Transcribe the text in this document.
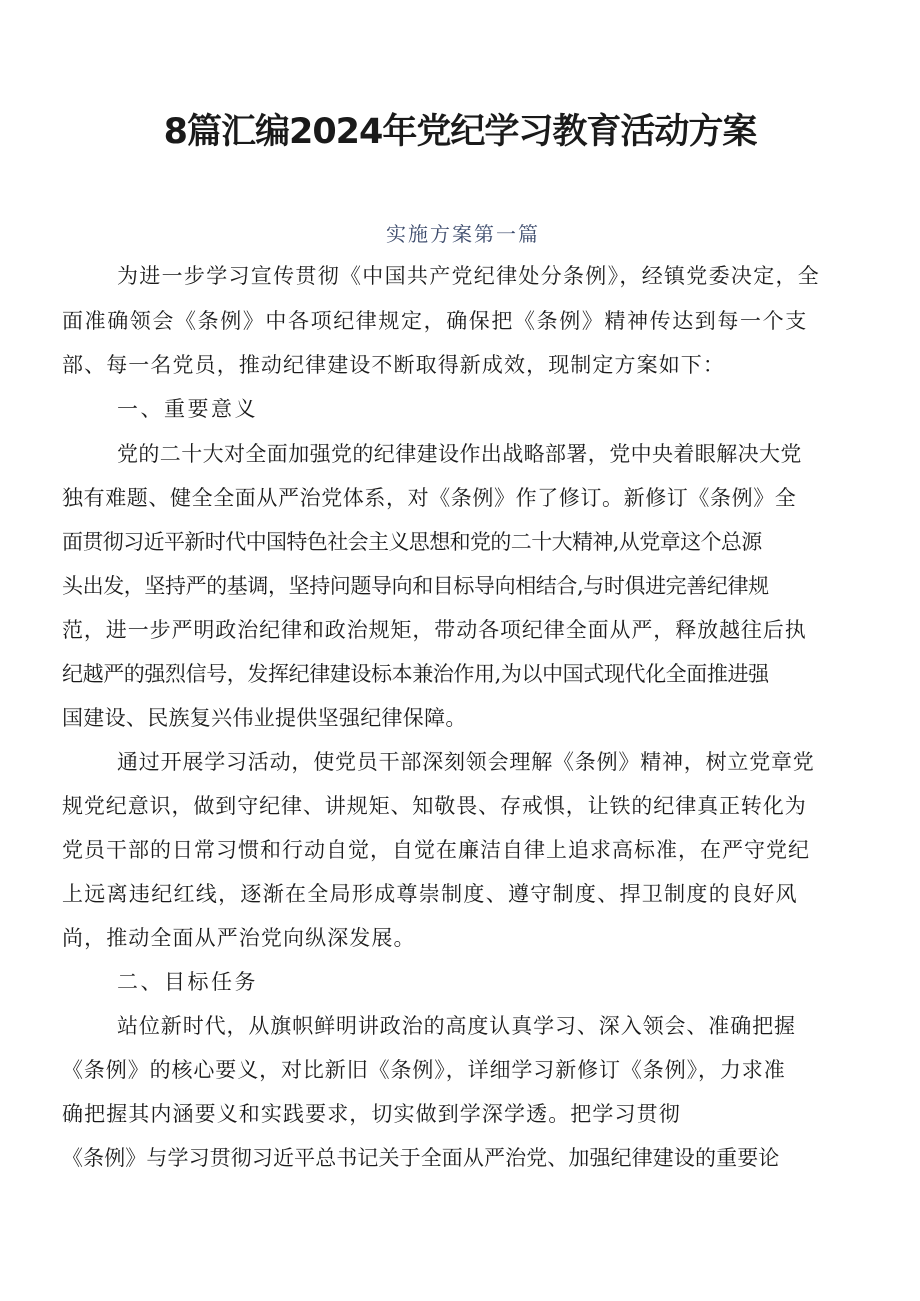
8篇汇编2024年党纪学习教育活动方案
实施方案第一篇
为进一步学习宣传贯彻《中国共产党纪律处分条例》，经镇党委决定，全
面准确领会《条例》中各项纪律规定，确保把《条例》精神传达到每一个支
部、每一名党员，推动纪律建设不断取得新成效，现制定方案如下：
一、重要意义
党的二十大对全面加强党的纪律建设作出战略部署，党中央着眼解决大党
独有难题、健全全面从严治党体系，对《条例》作了修订。新修订《条例》全
面贯彻习近平新时代中国特色社会主义思想和党的二十大精神,从党章这个总源
头出发，坚持严的基调，坚持问题导向和目标导向相结合,与时俱进完善纪律规
范，进一步严明政治纪律和政治规矩，带动各项纪律全面从严，释放越往后执
纪越严的强烈信号，发挥纪律建设标本兼治作用,为以中国式现代化全面推进强
国建设、民族复兴伟业提供坚强纪律保障。
通过开展学习活动，使党员干部深刻领会理解《条例》精神，树立党章党
规党纪意识，做到守纪律、讲规矩、知敬畏、存戒惧，让铁的纪律真正转化为
党员干部的日常习惯和行动自觉，自觉在廉洁自律上追求高标准，在严守党纪
上远离违纪红线，逐渐在全局形成尊崇制度、遵守制度、捍卫制度的良好风
尚，推动全面从严治党向纵深发展。
二、目标任务
站位新时代，从旗帜鲜明讲政治的高度认真学习、深入领会、准确把握
《条例》的核心要义，对比新旧《条例》，详细学习新修订《条例》，力求准
确把握其内涵要义和实践要求，切实做到学深学透。把学习贯彻
《条例》与学习贯彻习近平总书记关于全面从严治党、加强纪律建设的重要论
